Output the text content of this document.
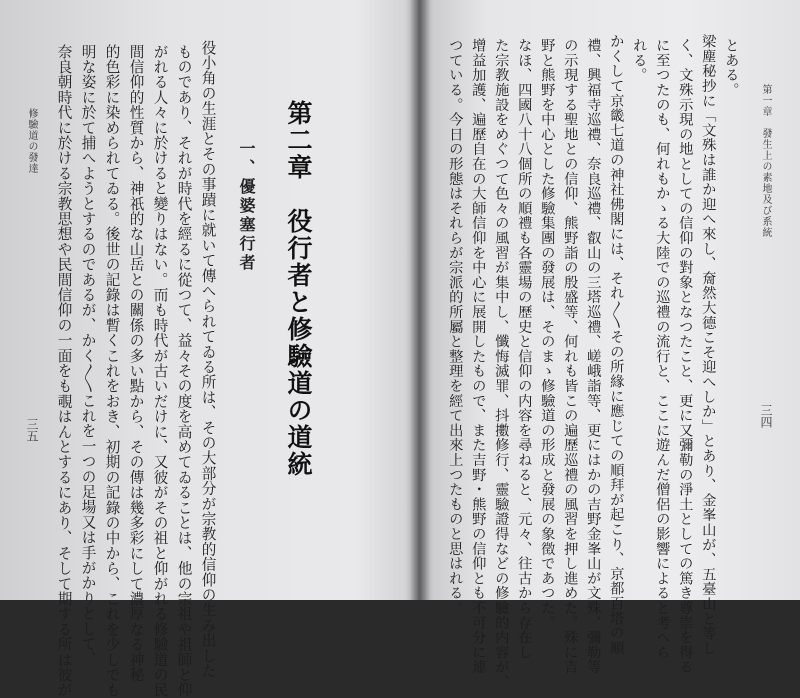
修驗道の發達
三五 奈良朝時代に於ける宗教思想や民間信仰の一面をも覗はんとするにあり、そして期する所は彼が 明な姿に於て捕へようとするのであるが、かく〳〵これを一つの足場又は手がかりとして、 的色彩に染められてゐる。後世の記錄は暫くこれをおき、初期の記錄の中から、これを少しでも 間信仰的性質から、神祇的な山岳との關係の多い點から、その傳は幾多彩にして濃厚なる神秘 がれる人々に於けると變りはない。而も時代が古いだけに、又彼がその祖と仰がれる修驗道の民 ものであり、それが時代を經るに從つて、益々その度を高めてゐることは、他の宗祖や祖師と仰 役小角の生涯とその事蹟に就いて傳へられてゐる所は、その大部分が宗教的信仰の生み出した 一、優婆塞行者 第二章　役行者と修驗道の道統	つている。今日の形態はそれらが宗派的所屬と整理を經て出來上つたものと思はれる。 增益加護、遍歷自在の大師信仰を中心に展開したもので、また吉野・熊野の信仰とも不可分に連 た宗教施設をめぐつて色々の風習が集中し、懺悔滅罪、抖擻修行、靈驗證得などの修驗的内容が、 なほ、四國八十八個所の順禮も各靈場の歷史と信仰の内容を尋ねると、元々、往古から存在し 野と熊野を中心とした修驗集團の發展は、そのまゝ修驗道の形成と發展の象徵であつた。 の示現する聖地との信仰、熊野詣の殷盛等、何れも皆この遍歷巡禮の風習を押し進めた。殊に吉 禮、興福寺巡禮、奈良巡禮、叡山の三塔巡禮、嵯峨詣等、更にはかの吉野金峯山が文殊、彌勒等 かくして京畿七道の神社佛閣には、それ〳〵その所緣に應じての順拜が起こり、京都百塔の順 れる。 に至つたのも、何れもかゝる大陸での巡禮の流行と、ここに遊んだ僧侶の影響によると考へら く、文殊示現の地としての信仰の對象となつたこと、更に又彌勒の淨土としての篤き尊崇を得る 梁塵秘抄に「文殊は誰か迎へ來し、奝然大德こそ迎へしか」とあり、金峯山が、五臺山と等し とある。
第一章　發生上の素地及び系統
三四
